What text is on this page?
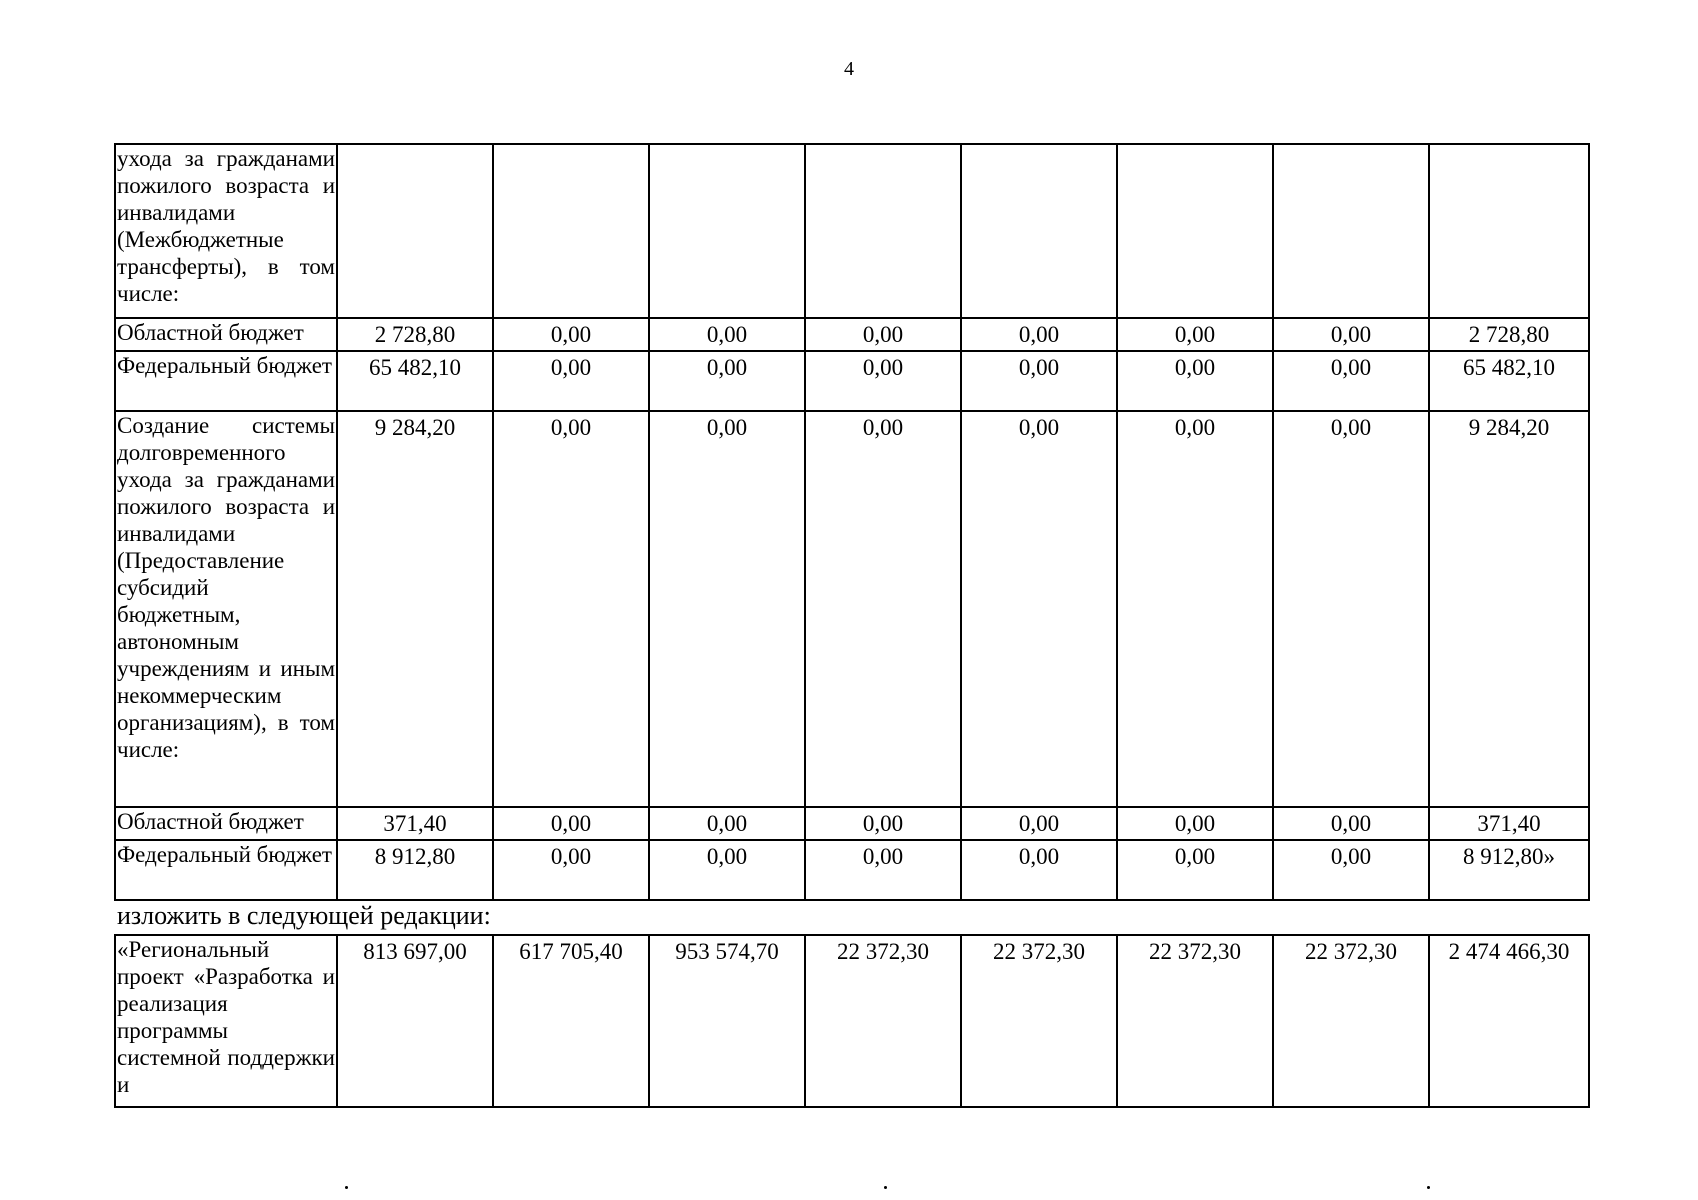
4
ухода за гражданами пожилого возраста и инвалидами (Межбюджетные трансферты), в том числе:								
Областной бюджет	2 728,80	0,00	0,00	0,00	0,00	0,00	0,00	2 728,80
Федеральный бюджет	65 482,10	0,00	0,00	0,00	0,00	0,00	0,00	65 482,10
Создание системы долговременного ухода за гражданами пожилого возраста и инвалидами (Предоставление субсидий бюджетным, автономным учреждениям и иным некоммерческим организациям), в том числе:	9 284,20	0,00	0,00	0,00	0,00	0,00	0,00	9 284,20
Областной бюджет	371,40	0,00	0,00	0,00	0,00	0,00	0,00	371,40
Федеральный бюджет	8 912,80	0,00	0,00	0,00	0,00	0,00	0,00	8 912,80»
изложить в следующей редакции:
«Региональный проект «Разработка и реализация программы системной поддержки и	813 697,00	617 705,40	953 574,70	22 372,30	22 372,30	22 372,30	22 372,30	2 474 466,30
